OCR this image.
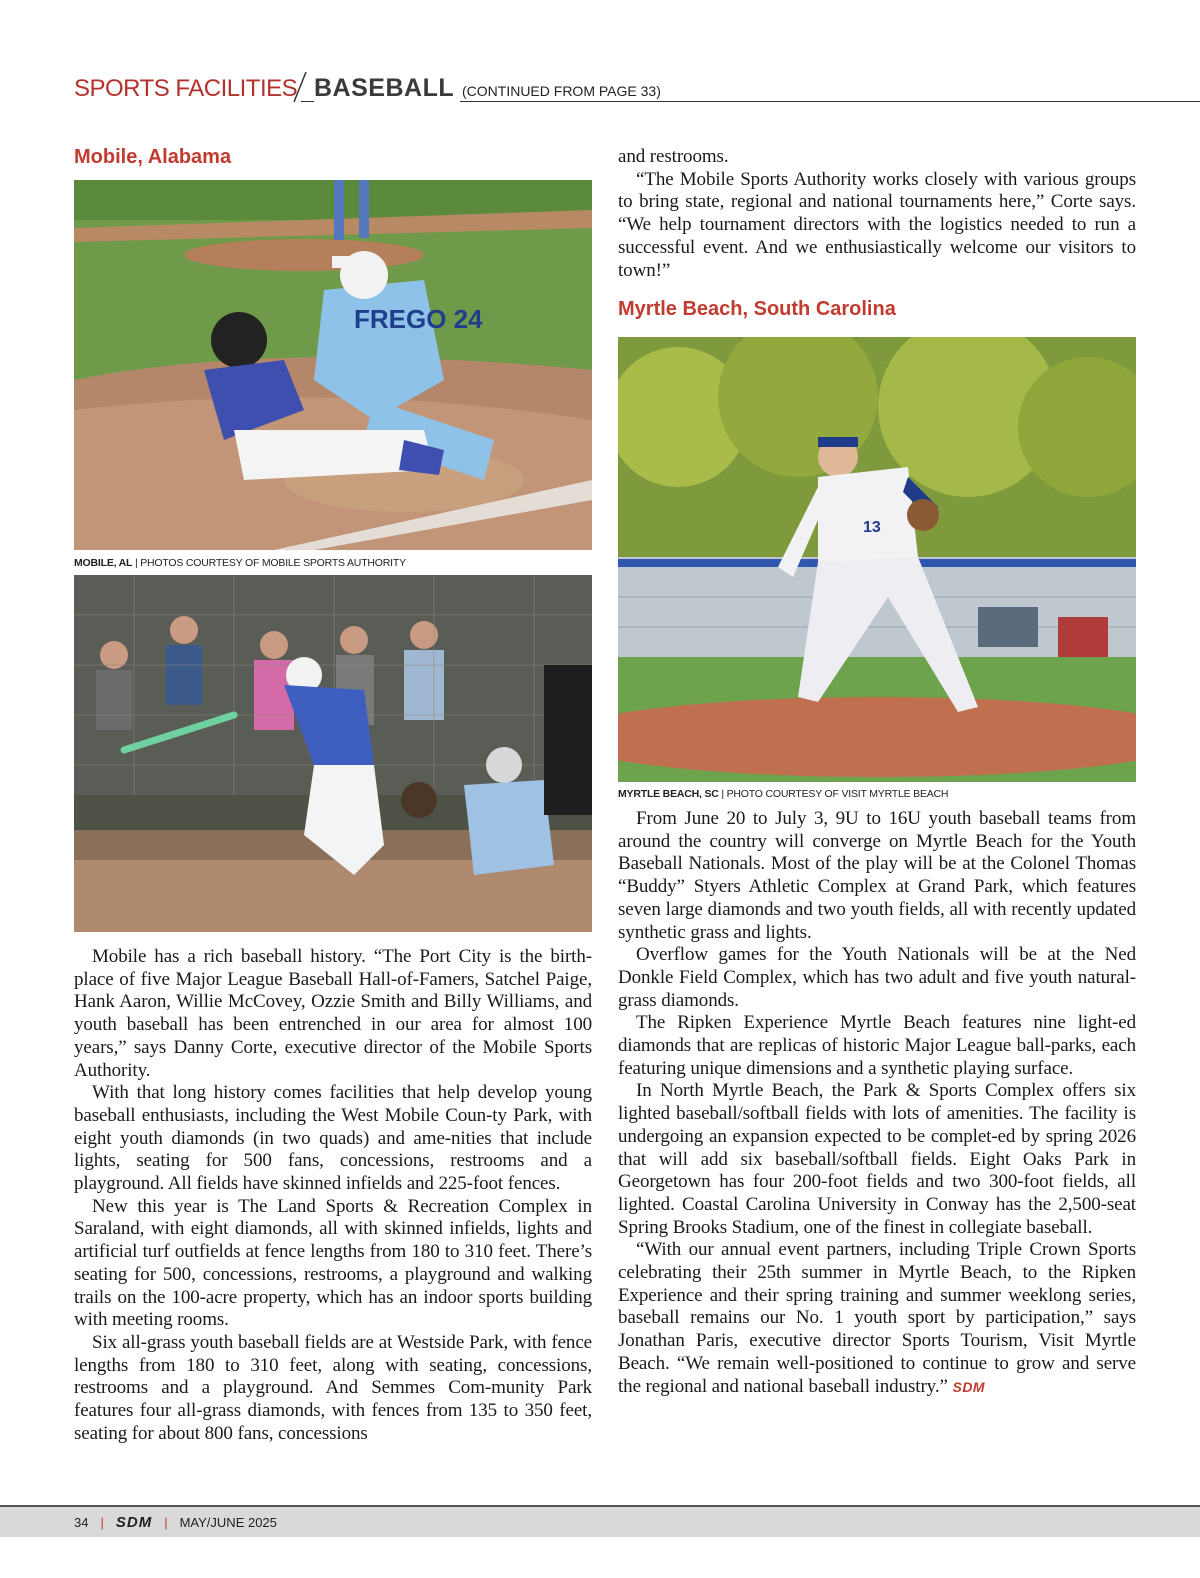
SPORTS FACILITIES BASEBALL (CONTINUED FROM PAGE 33)
Mobile, Alabama
FREGO 24
MOBILE, AL | PHOTOS COURTESY OF MOBILE SPORTS AUTHORITY

Mobile has a rich baseball history. “The Port City is the birth-place of five Major League Baseball Hall-of-Famers, Satchel Paige, Hank Aaron, Willie McCovey, Ozzie Smith and Billy Williams, and youth baseball has been entrenched in our area for almost 100 years,” says Danny Corte, executive director of the Mobile Sports Authority.

With that long history comes facilities that help develop young baseball enthusiasts, including the West Mobile Coun-ty Park, with eight youth diamonds (in two quads) and ame-nities that include lights, seating for 500 fans, concessions, restrooms and a playground. All fields have skinned infields and 225-foot fences.

New this year is The Land Sports & Recreation Complex in Saraland, with eight diamonds, all with skinned infields, lights and artificial turf outfields at fence lengths from 180 to 310 feet. There’s seating for 500, concessions, restrooms, a playground and walking trails on the 100-acre property, which has an indoor sports building with meeting rooms.

Six all-grass youth baseball fields are at Westside Park, with fence lengths from 180 to 310 feet, along with seating, concessions, restrooms and a playground. And Semmes Com-munity Park features four all-grass diamonds, with fences from 135 to 350 feet, seating for about 800 fans, concessions

and restrooms.

“The Mobile Sports Authority works closely with various groups to bring state, regional and national tournaments here,” Corte says. “We help tournament directors with the logistics needed to run a successful event. And we enthusiastically welcome our visitors to town!”

Myrtle Beach, South Carolina
13
MYRTLE BEACH, SC | PHOTO COURTESY OF VISIT MYRTLE BEACH

From June 20 to July 3, 9U to 16U youth baseball teams from around the country will converge on Myrtle Beach for the Youth Baseball Nationals. Most of the play will be at the Colonel Thomas “Buddy” Styers Athletic Complex at Grand Park, which features seven large diamonds and two youth fields, all with recently updated synthetic grass and lights.

Overflow games for the Youth Nationals will be at the Ned Donkle Field Complex, which has two adult and five youth natural-grass diamonds.

The Ripken Experience Myrtle Beach features nine light-ed diamonds that are replicas of historic Major League ball-parks, each featuring unique dimensions and a synthetic playing surface.

In North Myrtle Beach, the Park & Sports Complex offers six lighted baseball/softball fields with lots of amenities. The facility is undergoing an expansion expected to be complet-ed by spring 2026 that will add six baseball/softball fields. Eight Oaks Park in Georgetown has four 200-foot fields and two 300-foot fields, all lighted. Coastal Carolina University in Conway has the 2,500-seat Spring Brooks Stadium, one of the finest in collegiate baseball.

“With our annual event partners, including Triple Crown Sports celebrating their 25th summer in Myrtle Beach, to the Ripken Experience and their spring training and summer weeklong series, baseball remains our No. 1 youth sport by participation,” says Jonathan Paris, executive director Sports Tourism, Visit Myrtle Beach. “We remain well-positioned to continue to grow and serve the regional and national baseball industry.” SDM

34 | SDM | MAY/JUNE 2025
